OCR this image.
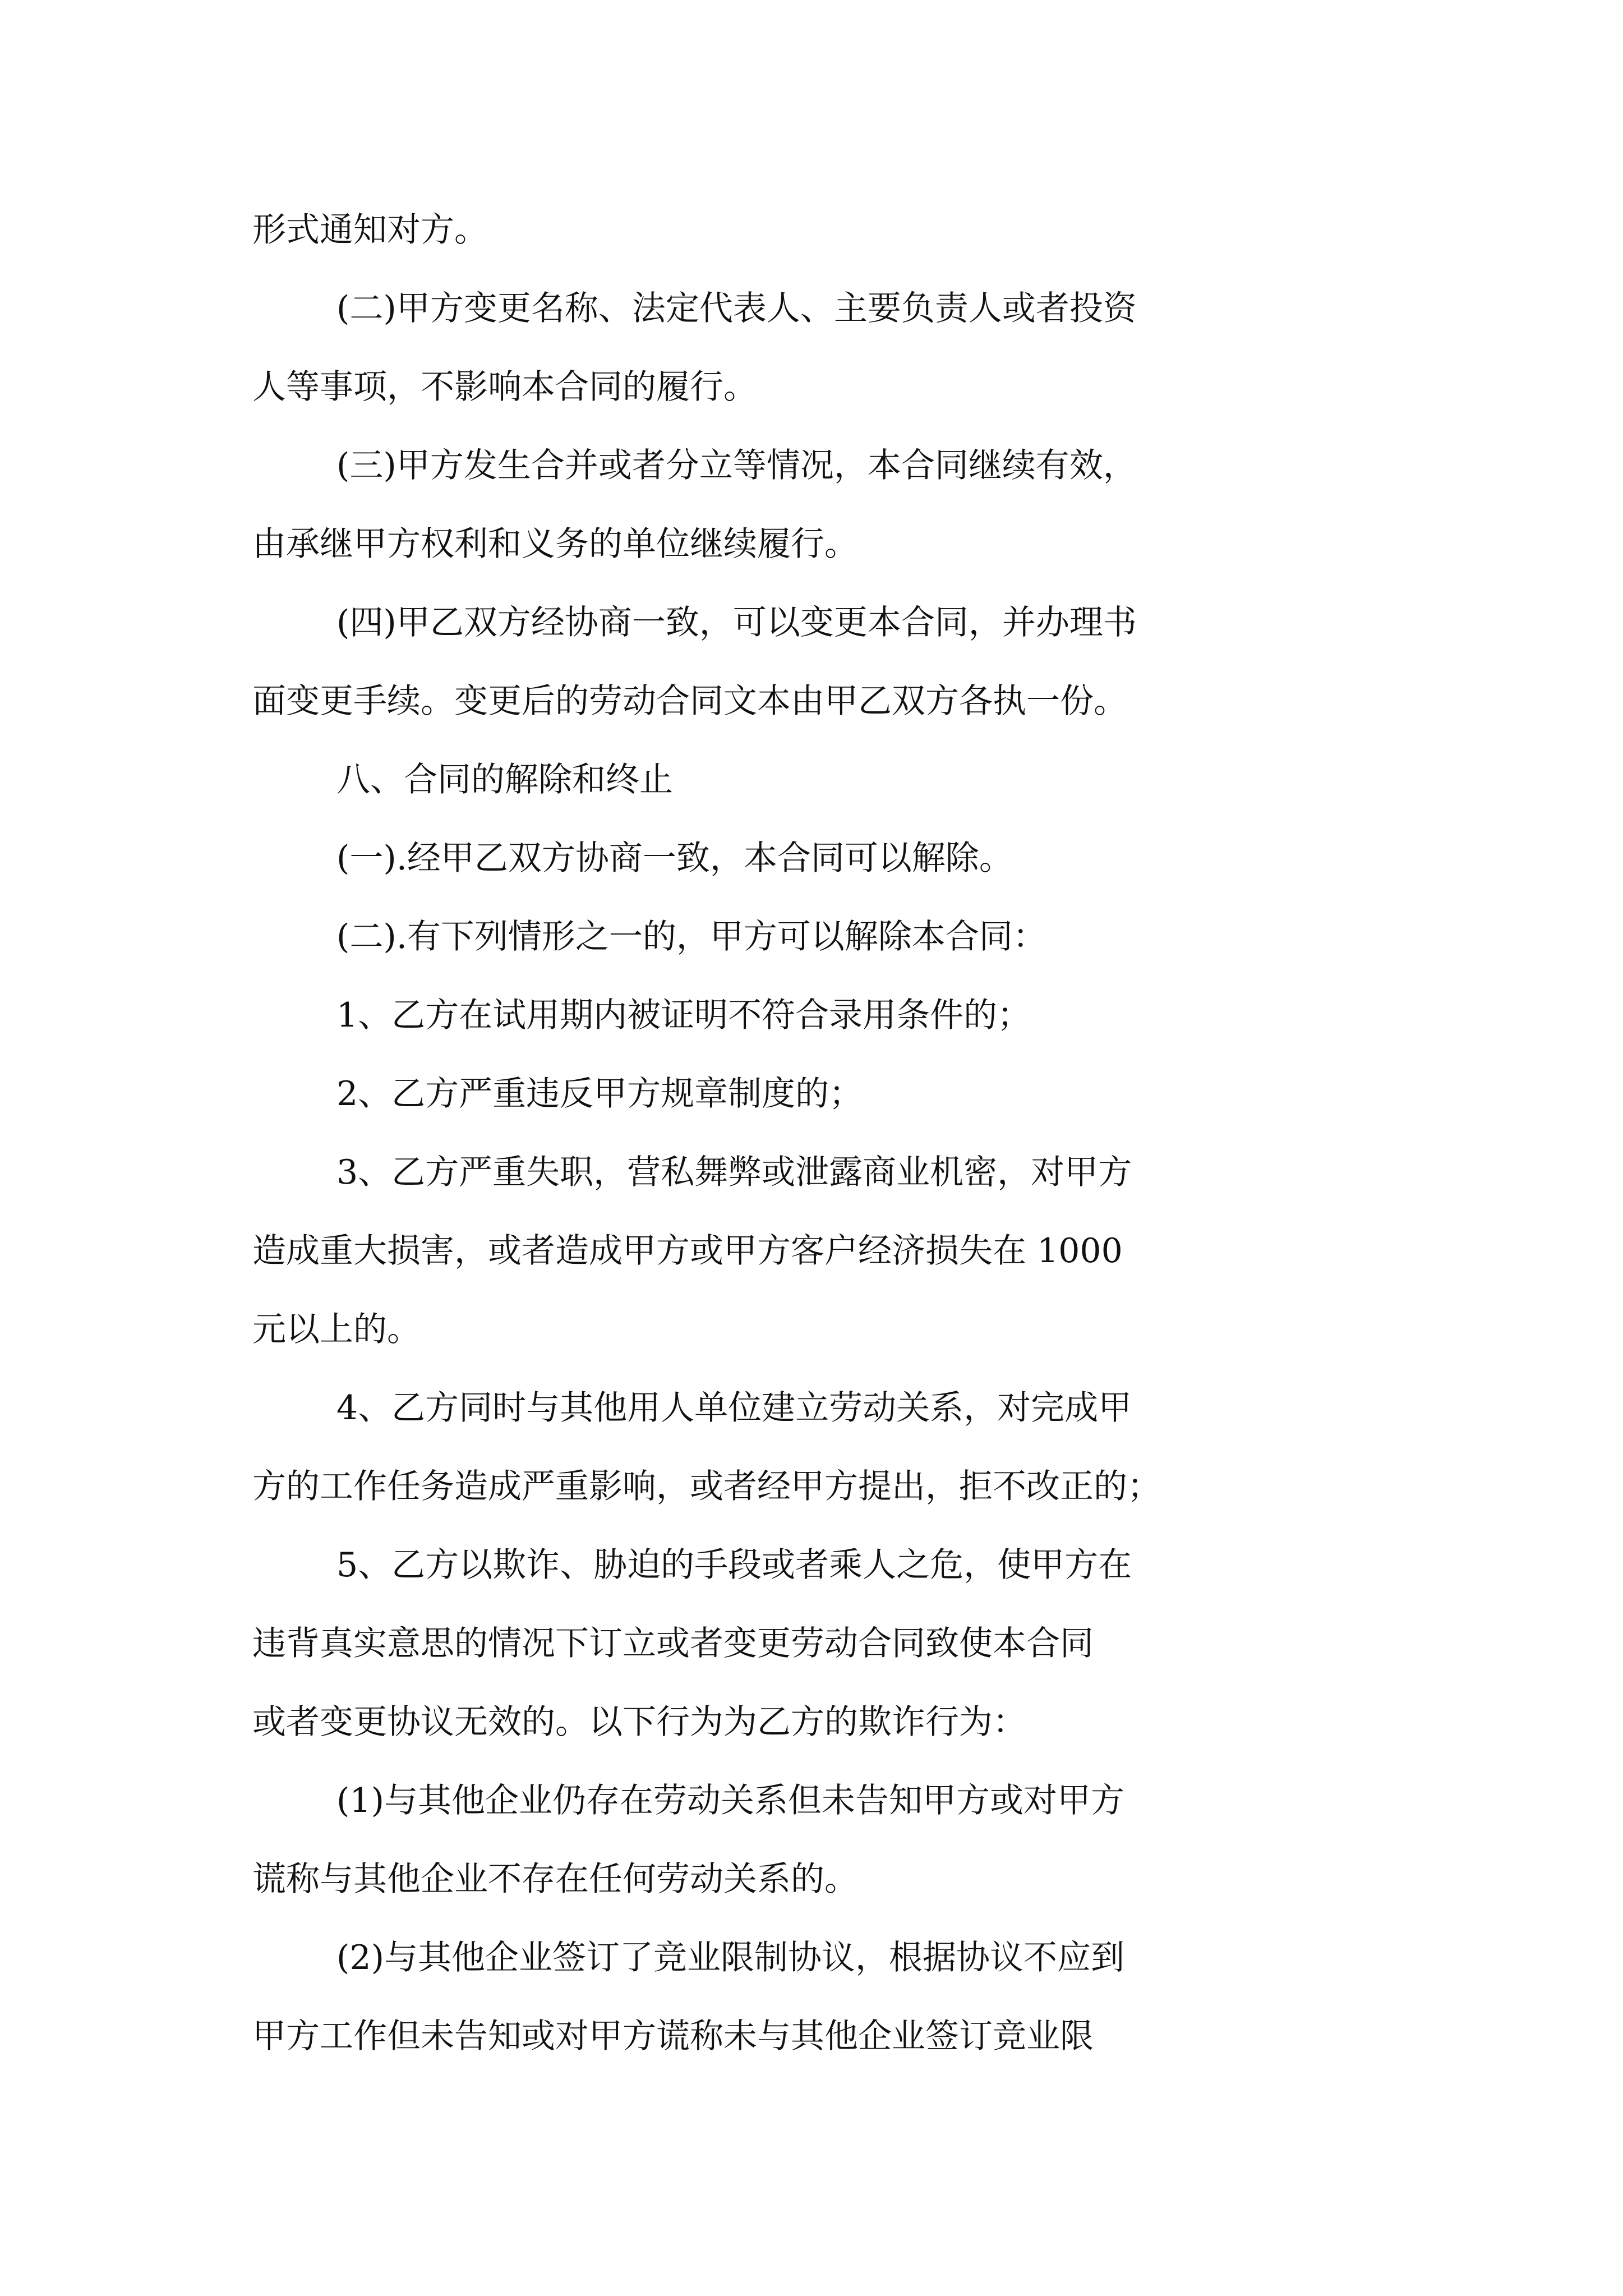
形式通知对方。
(二)甲方变更名称、法定代表人、主要负责人或者投资
人等事项，不影响本合同的履行。
(三)甲方发生合并或者分立等情况，本合同继续有效，
由承继甲方权利和义务的单位继续履行。
(四)甲乙双方经协商一致，可以变更本合同，并办理书
面变更手续。变更后的劳动合同文本由甲乙双方各执一份。
八、合同的解除和终止
(一).经甲乙双方协商一致，本合同可以解除。
(二).有下列情形之一的，甲方可以解除本合同：
1、乙方在试用期内被证明不符合录用条件的；
2、乙方严重违反甲方规章制度的；
3、乙方严重失职，营私舞弊或泄露商业机密，对甲方
造成重大损害，或者造成甲方或甲方客户经济损失在 1000
元以上的。
4、乙方同时与其他用人单位建立劳动关系，对完成甲
方的工作任务造成严重影响，或者经甲方提出，拒不改正的；
5、乙方以欺诈、胁迫的手段或者乘人之危，使甲方在
违背真实意思的情况下订立或者变更劳动合同致使本合同
或者变更协议无效的。以下行为为乙方的欺诈行为：
(1)与其他企业仍存在劳动关系但未告知甲方或对甲方
谎称与其他企业不存在任何劳动关系的。
(2)与其他企业签订了竞业限制协议，根据协议不应到
甲方工作但未告知或对甲方谎称未与其他企业签订竞业限
